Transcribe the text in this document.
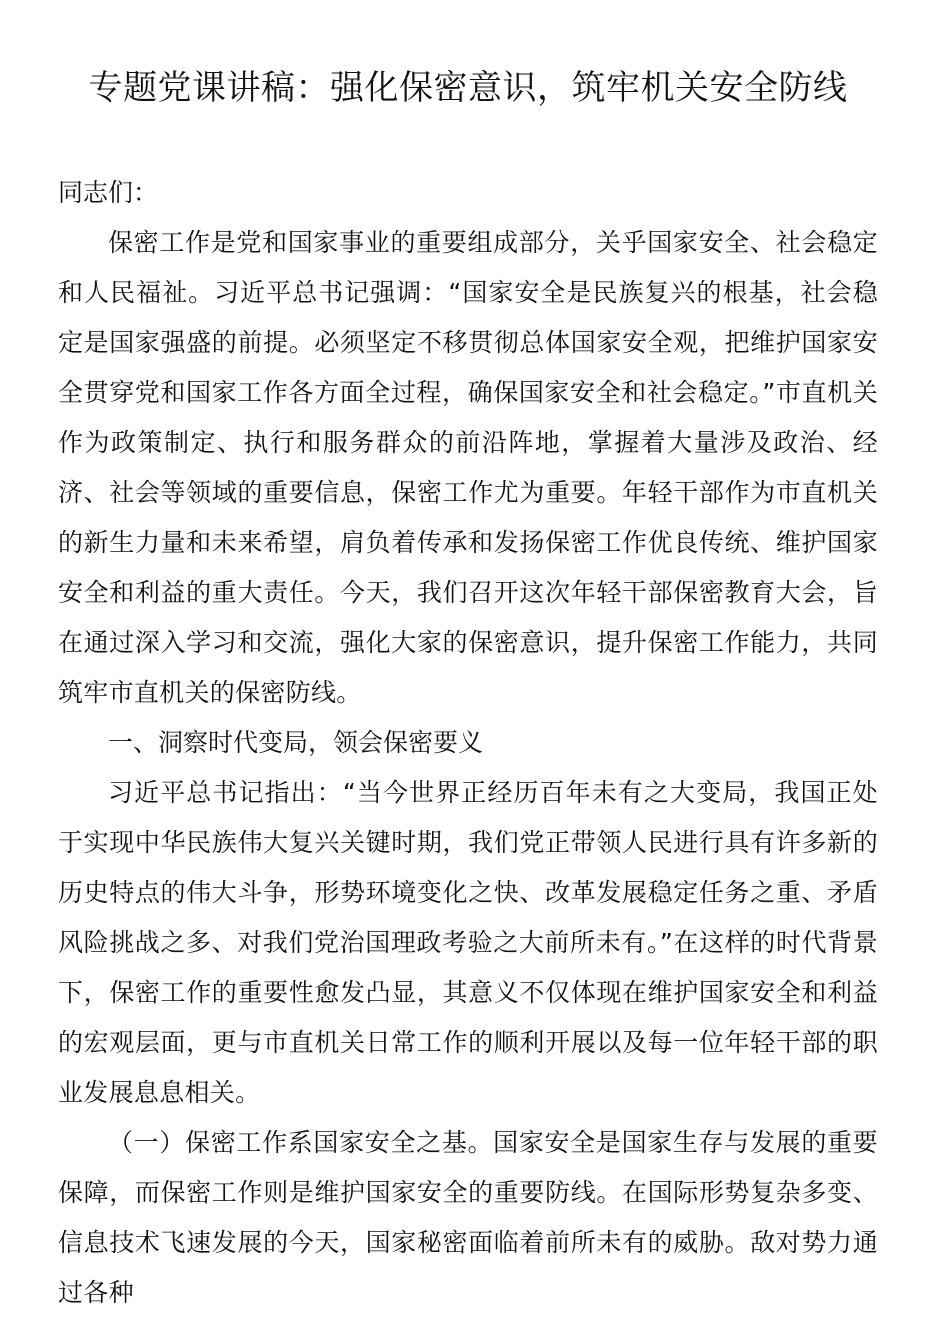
专题党课讲稿：强化保密意识，筑牢机关安全防线

同志们：

保密工作是党和国家事业的重要组成部分，关乎国家安全、社会稳定和人民福祉。习近平总书记强调：“国家安全是民族复兴的根基，社会稳定是国家强盛的前提。必须坚定不移贯彻总体国家安全观，把维护国家安全贯穿党和国家工作各方面全过程，确保国家安全和社会稳定。”市直机关作为政策制定、执行和服务群众的前沿阵地，掌握着大量涉及政治、经济、社会等领域的重要信息，保密工作尤为重要。年轻干部作为市直机关的新生力量和未来希望，肩负着传承和发扬保密工作优良传统、维护国家安全和利益的重大责任。今天，我们召开这次年轻干部保密教育大会，旨在通过深入学习和交流，强化大家的保密意识，提升保密工作能力，共同筑牢市直机关的保密防线。

一、洞察时代变局，领会保密要义

习近平总书记指出：“当今世界正经历百年未有之大变局，我国正处于实现中华民族伟大复兴关键时期，我们党正带领人民进行具有许多新的历史特点的伟大斗争，形势环境变化之快、改革发展稳定任务之重、矛盾风险挑战之多、对我们党治国理政考验之大前所未有。”在这样的时代背景下，保密工作的重要性愈发凸显，其意义不仅体现在维护国家安全和利益的宏观层面，更与市直机关日常工作的顺利开展以及每一位年轻干部的职业发展息息相关。

（一）保密工作系国家安全之基。国家安全是国家生存与发展的重要保障，而保密工作则是维护国家安全的重要防线。在国际形势复杂多变、信息技术飞速发展的今天，国家秘密面临着前所未有的威胁。敌对势力通过各种
